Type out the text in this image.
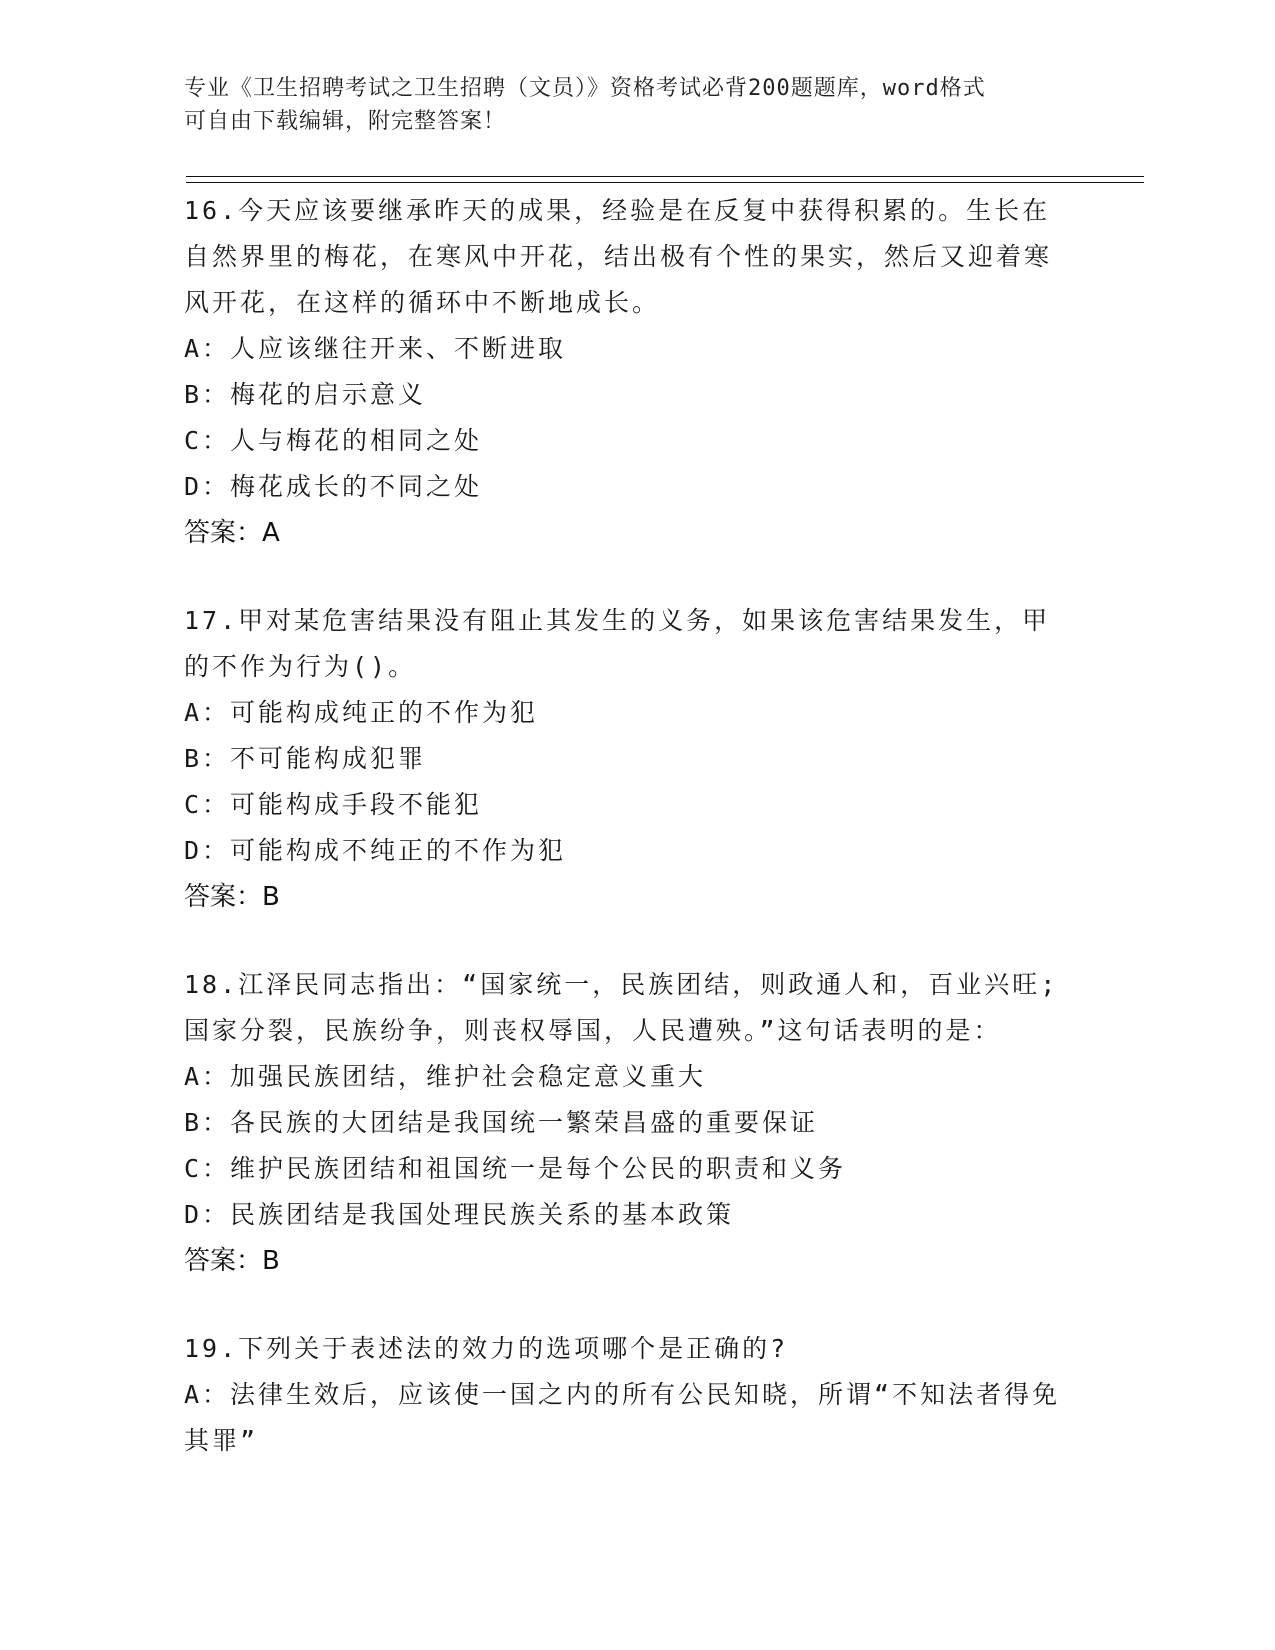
专业《卫生招聘考试之卫生招聘（文员）》资格考试必背200题题库，word格式
可自由下载编辑，附完整答案！
16.今天应该要继承昨天的成果，经验是在反复中获得积累的。生长在自然界里的梅花，在寒风中开花，结出极有个性的果实，然后又迎着寒风开花，在这样的循环中不断地成长。
A：人应该继往开来、不断进取
B：梅花的启示意义
C：人与梅花的相同之处
D：梅花成长的不同之处
答案：A
17.甲对某危害结果没有阻止其发生的义务，如果该危害结果发生，甲的不作为行为()。
A：可能构成纯正的不作为犯
B：不可能构成犯罪
C：可能构成手段不能犯
D：可能构成不纯正的不作为犯
答案：B
18.江泽民同志指出：“国家统一，民族团结，则政通人和，百业兴旺;国家分裂，民族纷争，则丧权辱国，人民遭殃。”这句话表明的是：
A：加强民族团结，维护社会稳定意义重大
B：各民族的大团结是我国统一繁荣昌盛的重要保证
C：维护民族团结和祖国统一是每个公民的职责和义务
D：民族团结是我国处理民族关系的基本政策
答案：B
19.下列关于表述法的效力的选项哪个是正确的?
A：法律生效后，应该使一国之内的所有公民知晓，所谓“不知法者得免其罪”
